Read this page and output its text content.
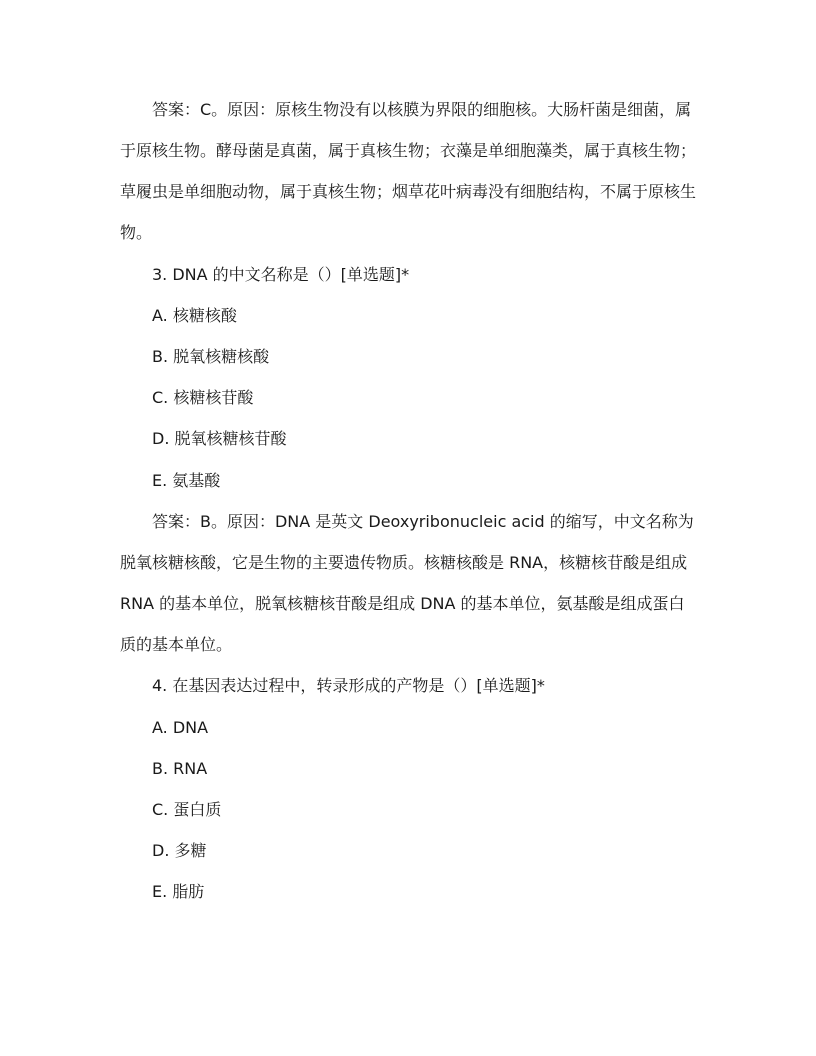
答案：C。原因：原核生物没有以核膜为界限的细胞核。大肠杆菌是细菌，属
于原核生物。酵母菌是真菌，属于真核生物；衣藻是单细胞藻类，属于真核生物；
草履虫是单细胞动物，属于真核生物；烟草花叶病毒没有细胞结构，不属于原核生
物。
3. DNA 的中文名称是（）[单选题]*
A. 核糖核酸
B. 脱氧核糖核酸
C. 核糖核苷酸
D. 脱氧核糖核苷酸
E. 氨基酸
答案：B。原因：DNA 是英文 Deoxyribonucleic acid 的缩写，中文名称为
脱氧核糖核酸，它是生物的主要遗传物质。核糖核酸是 RNA，核糖核苷酸是组成
RNA 的基本单位，脱氧核糖核苷酸是组成 DNA 的基本单位，氨基酸是组成蛋白
质的基本单位。
4. 在基因表达过程中，转录形成的产物是（）[单选题]*
A. DNA
B. RNA
C. 蛋白质
D. 多糖
E. 脂肪
